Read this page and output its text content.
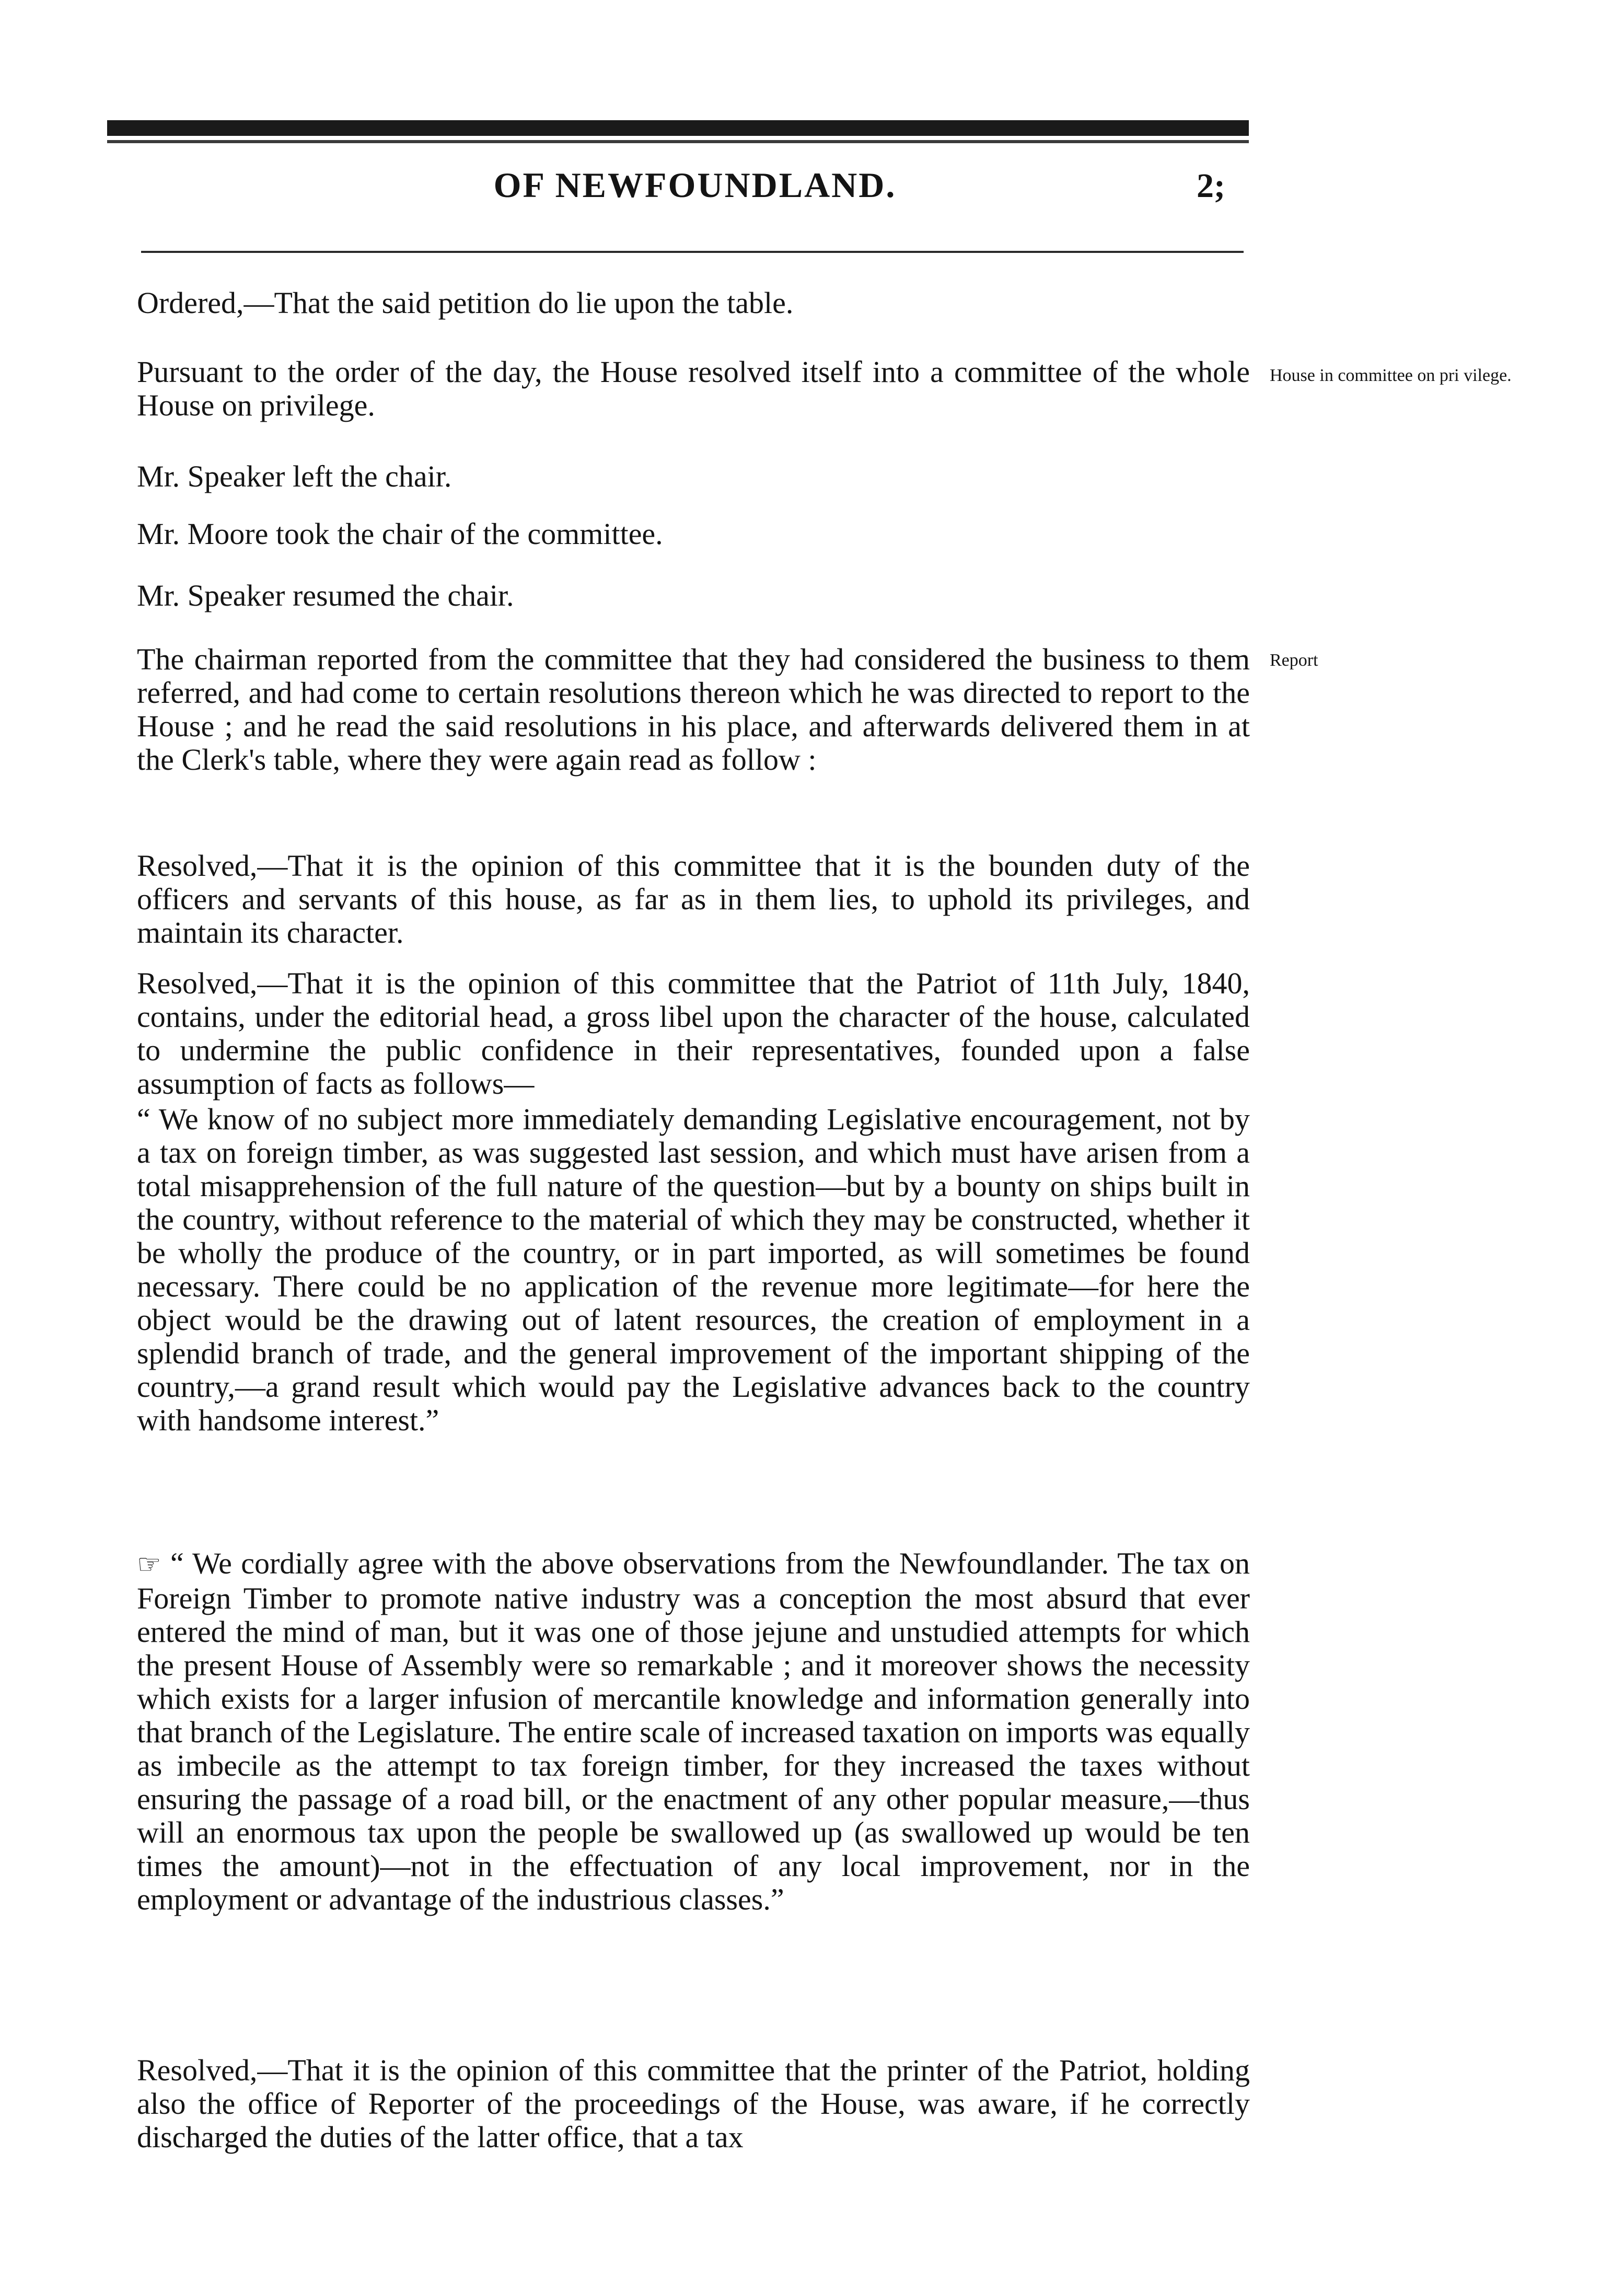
OF NEWFOUNDLAND.	2;

Ordered,—That the said petition do lie upon the table.

Pursuant to the order of the day, the House resolved itself into a committee of the whole House on privilege.

House in committee on pri vilege.

Mr. Speaker left the chair.

Mr. Moore took the chair of the committee.

Mr. Speaker resumed the chair.

The chairman reported from the committee that they had considered the business to them referred, and had come to certain resolutions thereon which he was directed to report to the House ; and he read the said resolutions in his place, and afterwards delivered them in at the Clerk's table, where they were again read as follow :

Report

Resolved,—That it is the opinion of this committee that it is the bounden duty of the officers and servants of this house, as far as in them lies, to uphold its privileges, and maintain its character.

Resolved,—That it is the opinion of this committee that the Patriot of 11th July, 1840, contains, under the editorial head, a gross libel upon the character of the house, calculated to undermine the public confidence in their representatives, founded upon a false assumption of facts as follows—

“ We know of no subject more immediately demanding Legislative encouragement, not by a tax on foreign timber, as was suggested last session, and which must have arisen from a total misapprehension of the full nature of the question—but by a bounty on ships built in the country, without reference to the material of which they may be constructed, whether it be wholly the produce of the country, or in part imported, as will sometimes be found necessary. There could be no application of the revenue more legitimate—for here the object would be the drawing out of latent resources, the creation of employment in a splendid branch of trade, and the general improvement of the important shipping of the country,—a grand result which would pay the Legislative advances back to the country with handsome interest.”

☞ “ We cordially agree with the above observations from the Newfoundlander. The tax on Foreign Timber to promote native industry was a conception the most absurd that ever entered the mind of man, but it was one of those jejune and unstudied attempts for which the present House of Assembly were so remarkable ; and it moreover shows the necessity which exists for a larger infusion of mercantile knowledge and information generally into that branch of the Legislature. The entire scale of increased taxation on imports was equally as imbecile as the attempt to tax foreign timber, for they increased the taxes without ensuring the passage of a road bill, or the enactment of any other popular measure,—thus will an enormous tax upon the people be swallowed up (as swallowed up would be ten times the amount)—not in the effectuation of any local improvement, nor in the employment or advantage of the industrious classes.”

Resolved,—That it is the opinion of this committee that the printer of the Patriot, holding also the office of Reporter of the proceedings of the House, was aware, if he correctly discharged the duties of the latter office, that a tax
